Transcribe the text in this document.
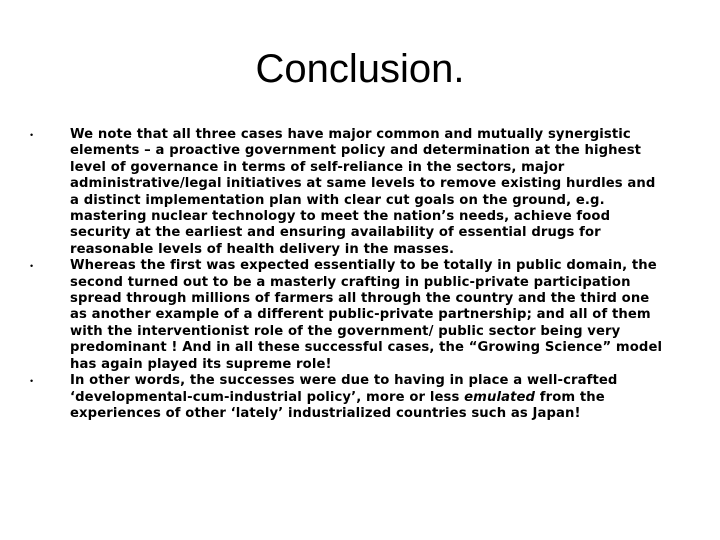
Conclusion.
•	We note that all three cases have major common and mutually synergistic elements – a proactive government policy and determination at the highest level of governance in terms of self-reliance in the sectors, major administrative/legal initiatives at same levels to remove existing hurdles and a distinct implementation plan with clear cut goals on the ground, e.g. mastering nuclear technology to meet the nation’s needs, achieve food security at the earliest and ensuring availability of essential drugs for reasonable levels of health delivery in the masses.
•	Whereas the first was expected essentially to be totally in public domain, the second turned out to be a masterly crafting in public-private participation spread through millions of farmers all through the country and the third one as another example of a different public-private partnership; and all of them with the interventionist role of the government/ public sector being very predominant ! And in all these successful cases, the “Growing Science” model has again played its supreme role!
•	In other words, the successes were due to having in place a well-crafted ‘developmental-cum-industrial policy’, more or less emulated from the experiences of other ‘lately’ industrialized countries such as Japan!
